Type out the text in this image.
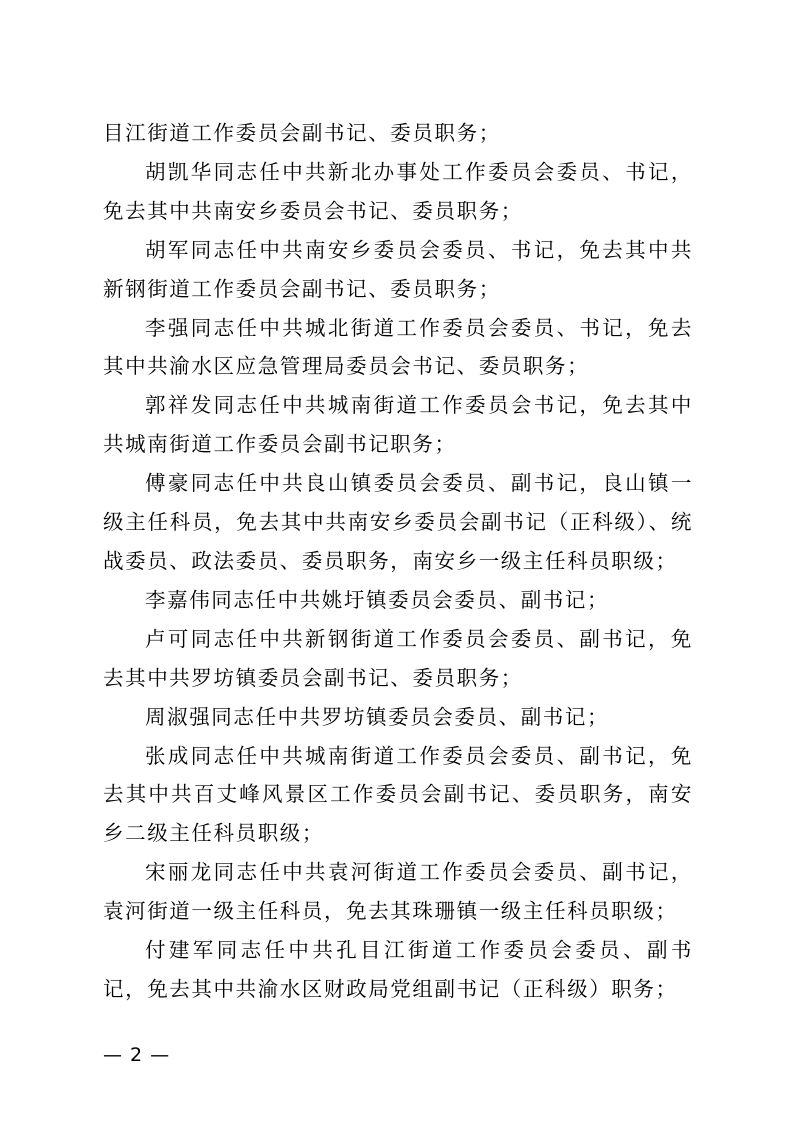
目江街道工作委员会副书记、委员职务；

胡凯华同志任中共新北办事处工作委员会委员、书记，免去其中共南安乡委员会书记、委员职务；

胡军同志任中共南安乡委员会委员、书记，免去其中共新钢街道工作委员会副书记、委员职务；

李强同志任中共城北街道工作委员会委员、书记，免去其中共渝水区应急管理局委员会书记、委员职务；

郭祥发同志任中共城南街道工作委员会书记，免去其中共城南街道工作委员会副书记职务；

傅豪同志任中共良山镇委员会委员、副书记，良山镇一级主任科员，免去其中共南安乡委员会副书记（正科级）、统战委员、政法委员、委员职务，南安乡一级主任科员职级；

李嘉伟同志任中共姚圩镇委员会委员、副书记；

卢可同志任中共新钢街道工作委员会委员、副书记，免去其中共罗坊镇委员会副书记、委员职务；

周淑强同志任中共罗坊镇委员会委员、副书记；

张成同志任中共城南街道工作委员会委员、副书记，免去其中共百丈峰风景区工作委员会副书记、委员职务，南安乡二级主任科员职级；

宋丽龙同志任中共袁河街道工作委员会委员、副书记，袁河街道一级主任科员，免去其珠珊镇一级主任科员职级；

付建军同志任中共孔目江街道工作委员会委员、副书记，免去其中共渝水区财政局党组副书记（正科级）职务；

— 2 —
